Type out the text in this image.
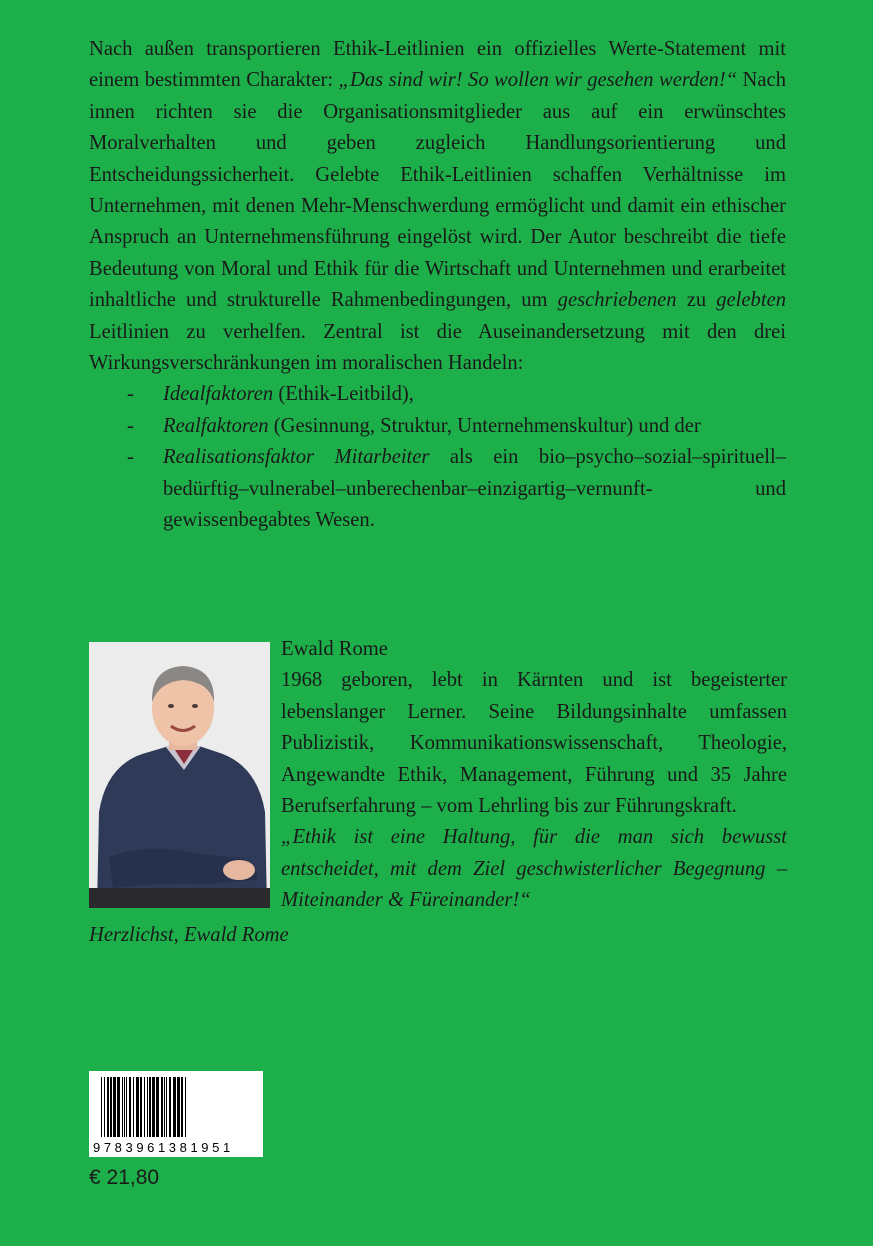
Nach außen transportieren Ethik-Leitlinien ein offizielles Werte-Statement mit einem bestimmten Charakter: „Das sind wir! So wollen wir gesehen werden!“ Nach innen richten sie die Organisationsmitglieder aus auf ein erwünschtes Moralverhalten und geben zugleich Handlungsorientierung und Entscheidungssicherheit. Gelebte Ethik-Leitlinien schaffen Verhältnisse im Unternehmen, mit denen Mehr-Menschwerdung ermöglicht und damit ein ethischer Anspruch an Unternehmensführung eingelöst wird. Der Autor beschreibt die tiefe Bedeutung von Moral und Ethik für die Wirtschaft und Unternehmen und erarbeitet inhaltliche und strukturelle Rahmenbedingungen, um geschriebenen zu gelebten Leitlinien zu verhelfen. Zentral ist die Auseinandersetzung mit den drei Wirkungsverschränkungen im moralischen Handeln:

- Idealfaktoren (Ethik-Leitbild),
- Realfaktoren (Gesinnung, Struktur, Unternehmenskultur) und der
- Realisationsfaktor Mitarbeiter als ein bio–psycho–sozial–spirituell–bedürftig–vulnerabel–unberechenbar–einzigartig–vernunft- und gewissenbegabtes Wesen.

Ewald Rome

1968 geboren, lebt in Kärnten und ist begeisterter lebenslanger Lerner. Seine Bildungsinhalte umfassen Publizistik, Kommunikationswissenschaft, Theologie, Angewandte Ethik, Management, Führung und 35 Jahre Berufserfahrung – vom Lehrling bis zur Führungskraft.

„Ethik ist eine Haltung, für die man sich bewusst entscheidet, mit dem Ziel geschwisterlicher Begegnung – Miteinander & Füreinander!“

Herzlichst, Ewald Rome
9783961381951
€ 21,80
